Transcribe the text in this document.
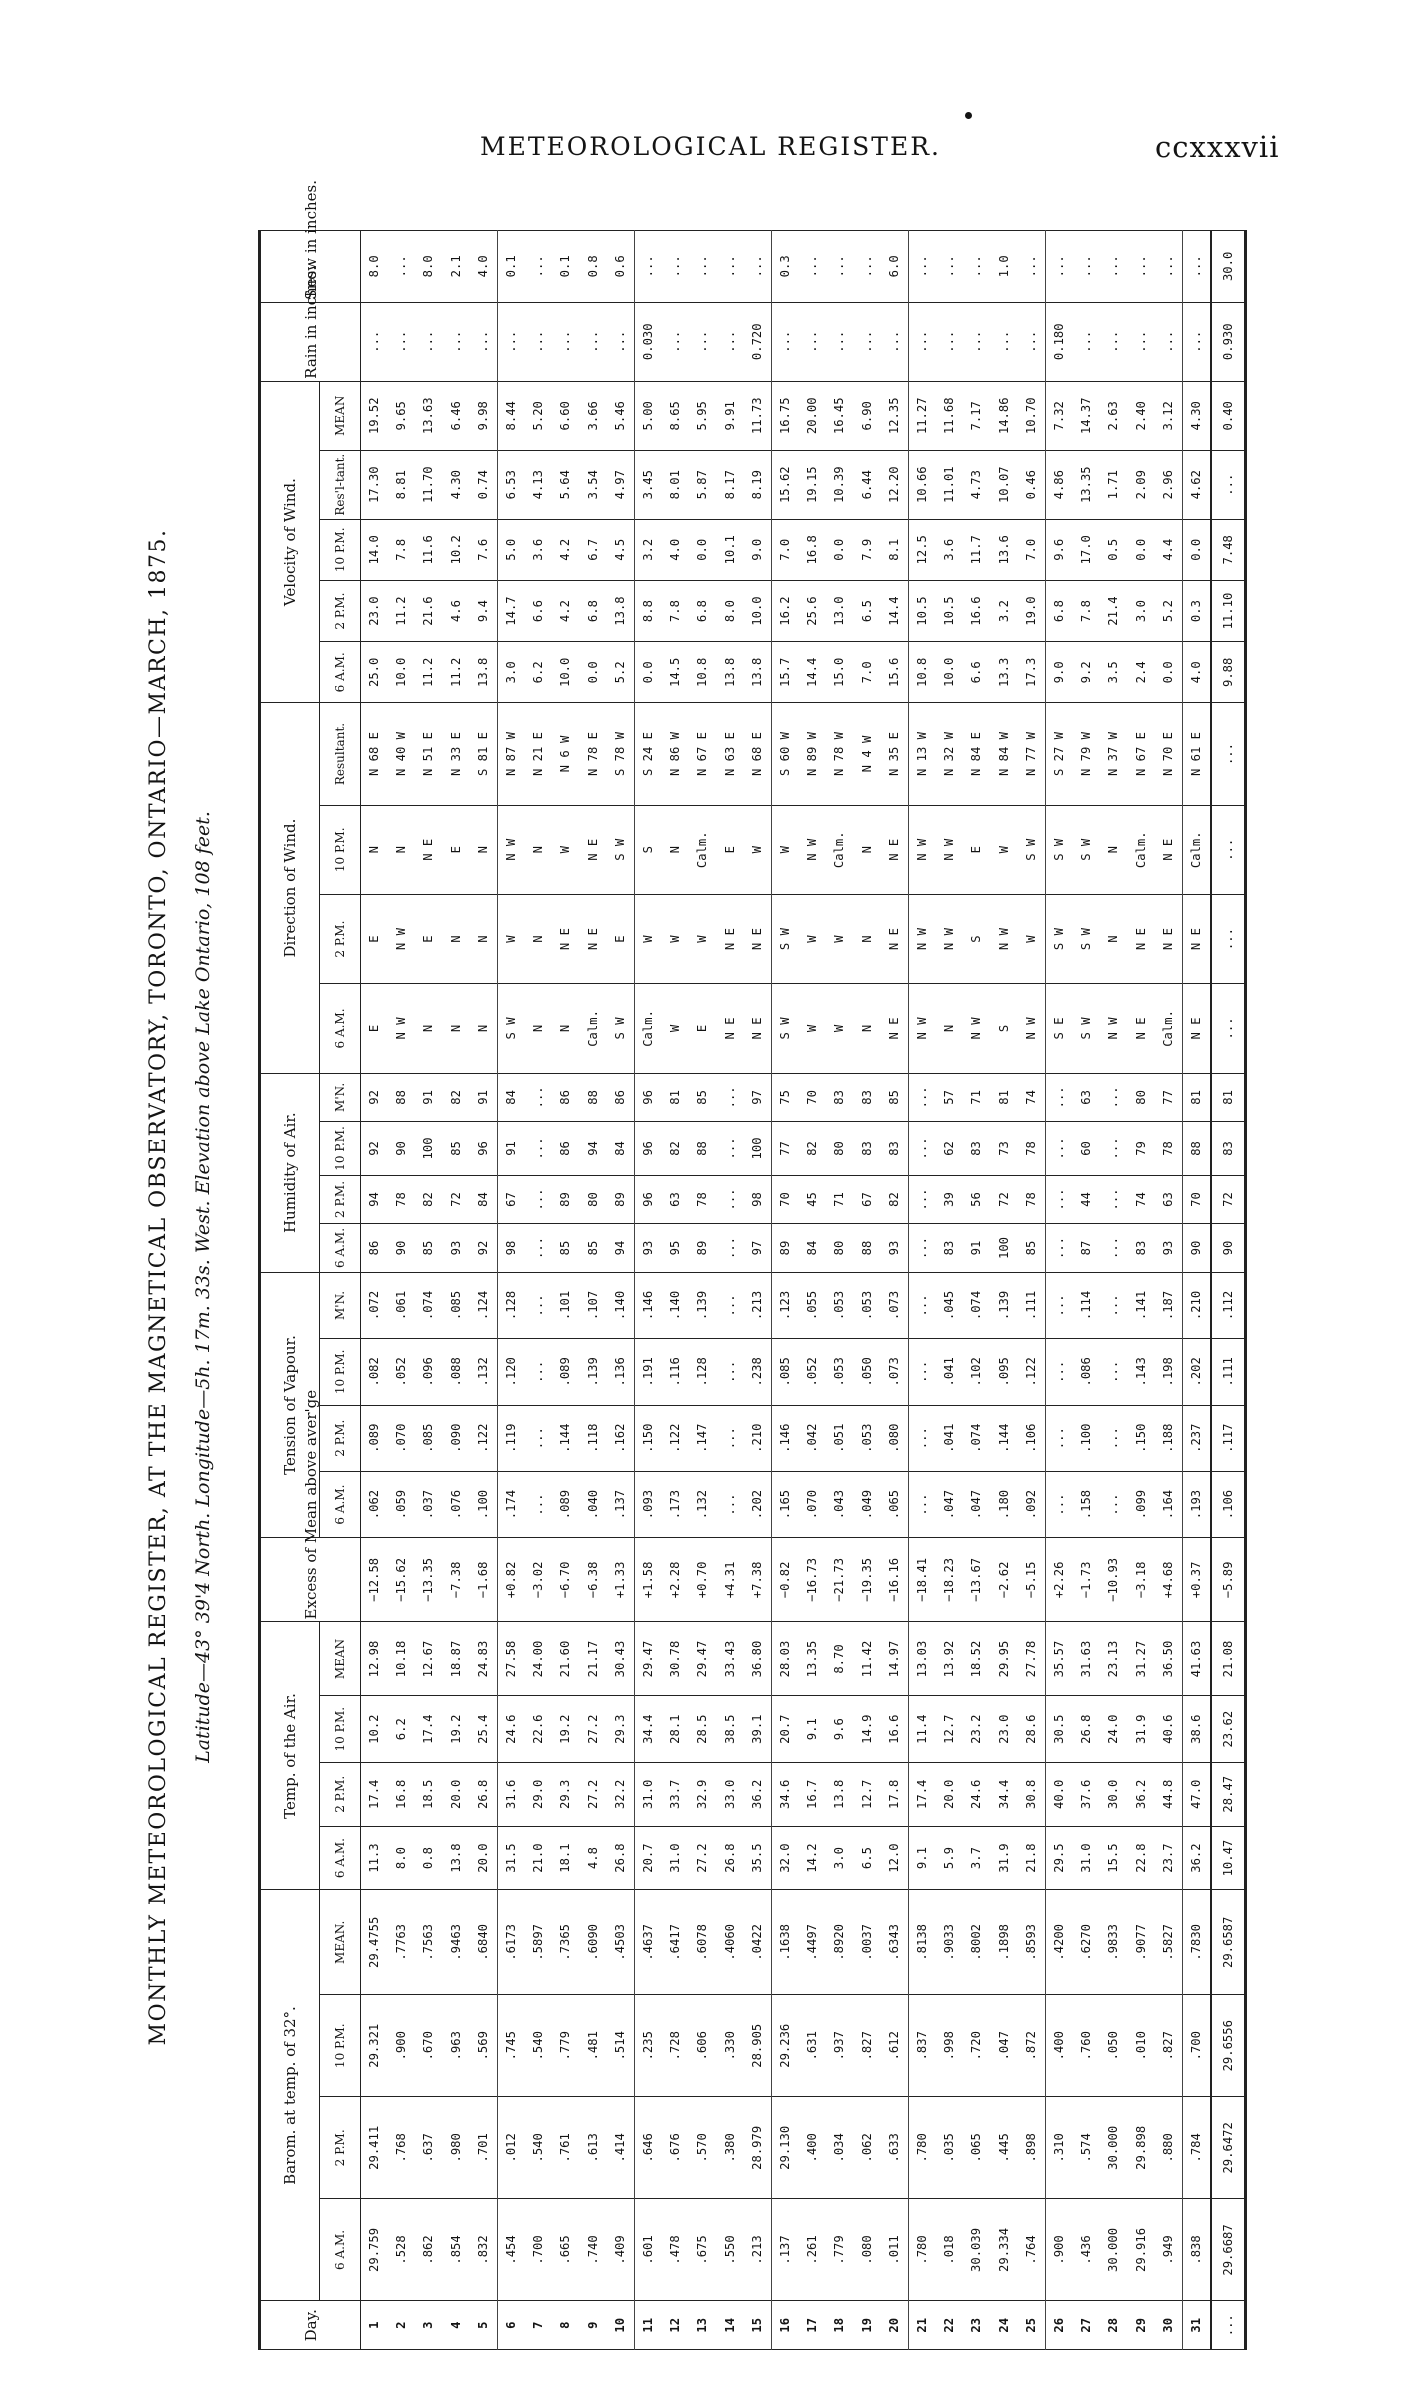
METEOROLOGICAL REGISTER.	ccxxxvii
MONTHLY METEOROLOGICAL REGISTER, AT THE MAGNETICAL OBSERVATORY, TORONTO, ONTARIO—MARCH, 1875. Latitude—43° 39'4 North. Longitude—5h. 17m. 33s. West. Elevation above Lake Ontario, 108 feet.
Day.	Barom. at temp. of 32°.				Temp. of the Air.				Excess of Mean above aver'ge	Tension of Vapour.				Humidity of Air.				Direction of Wind.				Velocity of Wind.					Rain in inches.	Snow in inches.
	6 A.M.	2 P.M.	10 P.M.	MEAN.	6 A.M.	2 P.M.	10 P.M.	MEAN		6 A.M.	2 P.M.	10 P.M.	M'N.	6 A.M.	2 P.M.	10 P.M.	M'N.	6 A.M.	2 P.M.	10 P.M.	Resultant.	6 A.M.	2 P.M.	10 P.M.	Res'l-tant.	MEAN		
1	29.759	29.411	29.321	29.4755	11.3	17.4	10.2	12.98	−12.58	.062	.089	.082	.072	86	94	92	92	E	E	N	N 68 E	25.0	23.0	14.0	17.30	19.52	...	8.0
2	.528	.768	.900	.7763	8.0	16.8	6.2	10.18	−15.62	.059	.070	.052	.061	90	78	90	88	N W	N W	N	N 40 W	10.0	11.2	7.8	8.81	9.65	...	...
3	.862	.637	.670	.7563	0.8	18.5	17.4	12.67	−13.35	.037	.085	.096	.074	85	82	100	91	N	E	N E	N 51 E	11.2	21.6	11.6	11.70	13.63	...	8.0
4	.854	.980	.963	.9463	13.8	20.0	19.2	18.87	−7.38	.076	.090	.088	.085	93	72	85	82	N	N	E	N 33 E	11.2	4.6	10.2	4.30	6.46	...	2.1
5	.832	.701	.569	.6840	20.0	26.8	25.4	24.83	−1.68	.100	.122	.132	.124	92	84	96	91	N	N	N	S 81 E	13.8	9.4	7.6	0.74	9.98	...	4.0
6	.454	.012	.745	.6173	31.5	31.6	24.6	27.58	+0.82	.174	.119	.120	.128	98	67	91	84	S W	W	N W	N 87 W	3.0	14.7	5.0	6.53	8.44	...	0.1
7	.700	.540	.540	.5897	21.0	29.0	22.6	24.00	−3.02	...	...	...	...	...	...	...	...	N	N	N	N 21 E	6.2	6.6	3.6	4.13	5.20	...	...
8	.665	.761	.779	.7365	18.1	29.3	19.2	21.60	−6.70	.089	.144	.089	.101	85	89	86	86	N	N E	W	N 6 W	10.0	4.2	4.2	5.64	6.60	...	0.1
9	.740	.613	.481	.6090	4.8	27.2	27.2	21.17	−6.38	.040	.118	.139	.107	85	80	94	88	Calm.	N E	N E	N 78 E	0.0	6.8	6.7	3.54	3.66	...	0.8
10	.409	.414	.514	.4503	26.8	32.2	29.3	30.43	+1.33	.137	.162	.136	.140	94	89	84	86	S W	E	S W	S 78 W	5.2	13.8	4.5	4.97	5.46	...	0.6
11	.601	.646	.235	.4637	20.7	31.0	34.4	29.47	+1.58	.093	.150	.191	.146	93	96	96	96	Calm.	W	S	S 24 E	0.0	8.8	3.2	3.45	5.00	0.030	...
12	.478	.676	.728	.6417	31.0	33.7	28.1	30.78	+2.28	.173	.122	.116	.140	95	63	82	81	W	W	N	N 86 W	14.5	7.8	4.0	8.01	8.65	...	...
13	.675	.570	.606	.6078	27.2	32.9	28.5	29.47	+0.70	.132	.147	.128	.139	89	78	88	85	E	W	Calm.	N 67 E	10.8	6.8	0.0	5.87	5.95	...	...
14	.550	.380	.330	.4060	26.8	33.0	38.5	33.43	+4.31	...	...	...	...	...	...	...	...	N E	N E	E	N 63 E	13.8	8.0	10.1	8.17	9.91	...	...
15	.213	28.979	28.905	.0422	35.5	36.2	39.1	36.80	+7.38	.202	.210	.238	.213	97	98	100	97	N E	N E	W	N 68 E	13.8	10.0	9.0	8.19	11.73	0.720	...
16	.137	29.130	29.236	.1638	32.0	34.6	20.7	28.03	−0.82	.165	.146	.085	.123	89	70	77	75	S W	S W	W	S 60 W	15.7	16.2	7.0	15.62	16.75	...	0.3
17	.261	.400	.631	.4497	14.2	16.7	9.1	13.35	−16.73	.070	.042	.052	.055	84	45	82	70	W	W	N W	N 89 W	14.4	25.6	16.8	19.15	20.00	...	...
18	.779	.034	.937	.8920	3.0	13.8	9.6	8.70	−21.73	.043	.051	.053	.053	80	71	80	83	W	W	Calm.	N 78 W	15.0	13.0	0.0	10.39	16.45	...	...
19	.080	.062	.827	.0037	6.5	12.7	14.9	11.42	−19.35	.049	.053	.050	.053	88	67	83	83	N	N	N	N 4 W	7.0	6.5	7.9	6.44	6.90	...	...
20	.011	.633	.612	.6343	12.0	17.8	16.6	14.97	−16.16	.065	.080	.073	.073	93	82	83	85	N E	N E	N E	N 35 E	15.6	14.4	8.1	12.20	12.35	...	6.0
21	.780	.780	.837	.8138	9.1	17.4	11.4	13.03	−18.41	...	...	...	...	...	...	...	...	N W	N W	N W	N 13 W	10.8	10.5	12.5	10.66	11.27	...	...
22	.018	.035	.998	.9033	5.9	20.0	12.7	13.92	−18.23	.047	.041	.041	.045	83	39	62	57	N	N W	N W	N 32 W	10.0	10.5	3.6	11.01	11.68	...	...
23	30.039	.065	.720	.8002	3.7	24.6	23.2	18.52	−13.67	.047	.074	.102	.074	91	56	83	71	N W	S	E	N 84 E	6.6	16.6	11.7	4.73	7.17	...	...
24	29.334	.445	.047	.1898	31.9	34.4	23.0	29.95	−2.62	.180	.144	.095	.139	100	72	73	81	S	N W	W	N 84 W	13.3	3.2	13.6	10.07	14.86	...	1.0
25	.764	.898	.872	.8593	21.8	30.8	28.6	27.78	−5.15	.092	.106	.122	.111	85	78	78	74	N W	W	S W	N 77 W	17.3	19.0	7.0	0.46	10.70	...	...
26	.900	.310	.400	.4200	29.5	40.0	30.5	35.57	+2.26	...	...	...	...	...	...	...	...	S E	S W	S W	S 27 W	9.0	6.8	9.6	4.86	7.32	0.180	...
27	.436	.574	.760	.6270	31.0	37.6	26.8	31.63	−1.73	.158	.100	.086	.114	87	44	60	63	S W	S W	S W	N 79 W	9.2	7.8	17.0	13.35	14.37	...	...
28	30.000	30.000	.050	.9833	15.5	30.0	24.0	23.13	−10.93	...	...	...	...	...	...	...	...	N W	N	N	N 37 W	3.5	21.4	0.5	1.71	2.63	...	...
29	29.916	29.898	.010	.9077	22.8	36.2	31.9	31.27	−3.18	.099	.150	.143	.141	83	74	79	80	N E	N E	Calm.	N 67 E	2.4	3.0	0.0	2.09	2.40	...	...
30	.949	.880	.827	.5827	23.7	44.8	40.6	36.50	+4.68	.164	.188	.198	.187	93	63	78	77	Calm.	N E	N E	N 70 E	0.0	5.2	4.4	2.96	3.12	...	...
31	.838	.784	.700	.7830	36.2	47.0	38.6	41.63	+0.37	.193	.237	.202	.210	90	70	88	81	N E	N E	Calm.	N 61 E	4.0	0.3	0.0	4.62	4.30	...	...
...	29.6687	29.6472	29.6556	29.6587	10.47	28.47	23.62	21.08	−5.89	.106	.117	.111	.112	90	72	83	81	...	...	...	...	9.88	11.10	7.48	...	0.40	0.930	30.0
